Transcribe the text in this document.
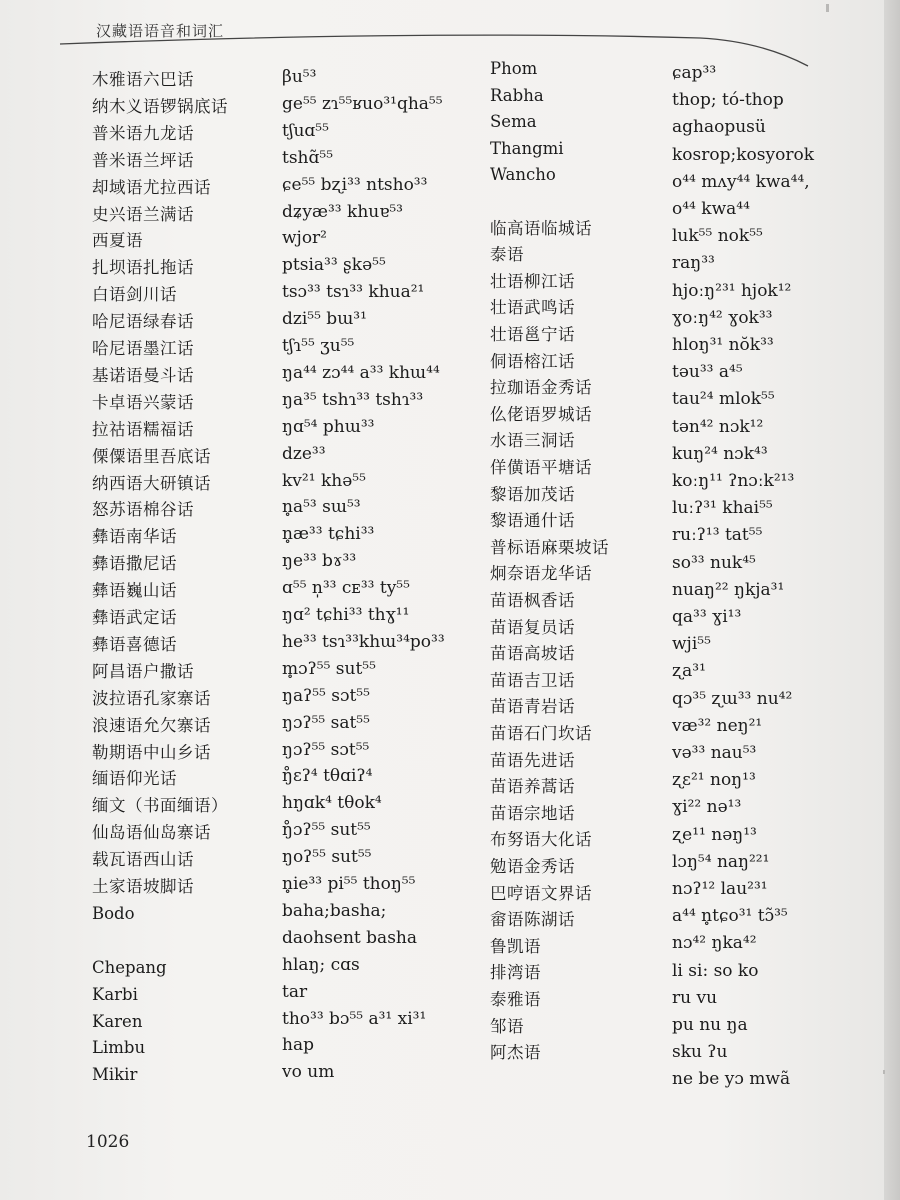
汉藏语语音和词汇
木雅语六巴话
纳木义语锣锅底话
普米语九龙话
普米语兰坪话
却域语尤拉西话
史兴语兰满话
西夏语
扎坝语扎拖话
白语剑川话
哈尼语绿春话
哈尼语墨江话
基诺语曼斗话
卡卓语兴蒙话
拉祜语糯福话
傈僳语里吾底话
纳西语大研镇话
怒苏语棉谷话
彝语南华话
彝语撒尼话
彝语巍山话
彝语武定话
彝语喜德话
阿昌语户撒话
波拉语孔家寨话
浪速语允欠寨话
勒期语中山乡话
缅语仰光话
缅文（书面缅语）
仙岛语仙岛寨话
载瓦语西山话
土家语坡脚话
Bodo
Chepang
Karbi
Karen
Limbu
Mikir
βu⁵³
ge⁵⁵ zɿ⁵⁵ʁuo³¹qha⁵⁵
tʃuɑ⁵⁵
tshɑ̃⁵⁵
ɕe⁵⁵ bʐi³³ ntsho³³
dʑyæ³³ khuɐ⁵³
wjor²
ptsia³³ ʂkə⁵⁵
tsɔ³³ tsɿ³³ khua²¹
dzi⁵⁵ bɯ³¹
tʃɿ⁵⁵ ʒu⁵⁵
ŋa⁴⁴ zɔ⁴⁴ a³³ khɯ⁴⁴
ŋa³⁵ tshɿ³³ tshɿ³³
ŋɑ⁵⁴ phɯ³³
dze³³
kv²¹ khə⁵⁵
n̥a⁵³ sɯ⁵³
n̥æ³³ tɕhi³³
ŋe³³ bɤ³³
ɑ⁵⁵ n̩³³ cᴇ³³ ty⁵⁵
ŋɑ² tɕhi³³ thɣ¹¹
he³³ tsɿ³³khɯ³⁴po³³
m̥ɔʔ⁵⁵ sut⁵⁵
ŋaʔ⁵⁵ sɔt⁵⁵
ŋɔʔ⁵⁵ sat⁵⁵
ŋɔʔ⁵⁵ sɔt⁵⁵
ŋ̊ɛʔ⁴ tθɑiʔ⁴
hŋɑk⁴ tθok⁴
ŋ̊ɔʔ⁵⁵ sut⁵⁵
ŋoʔ⁵⁵ sut⁵⁵
n̥ie³³ pi⁵⁵ thoŋ⁵⁵
baha;basha;
daohsent basha
hlaŋ; cɑs
tar
tho³³ bɔ⁵⁵ a³¹ xi³¹
hap
vo um
Phom
Rabha
Sema
Thangmi
Wancho
临高语临城话
泰语
壮语柳江话
壮语武鸣话
壮语邕宁话
侗语榕江话
拉珈语金秀话
仫佬语罗城话
水语三洞话
佯僙语平塘话
黎语加茂话
黎语通什话
普标语麻栗坡话
炯奈语龙华话
苗语枫香话
苗语复员话
苗语高坡话
苗语吉卫话
苗语青岩话
苗语石门坎话
苗语先进话
苗语养蒿话
苗语宗地话
布努语大化话
勉语金秀话
巴哼语文界话
畲语陈湖话
鲁凯语
排湾语
泰雅语
邹语
阿杰语
ɕap³³
thop; tó-thop
aghaopusü
kosrop;kosyorok
o⁴⁴ mʌy⁴⁴ kwa⁴⁴,
o⁴⁴ kwa⁴⁴
luk⁵⁵ nok⁵⁵
raŋ³³
hjoːŋ²³¹ hjok¹²
ɣoːŋ⁴² ɣok³³
hloŋ³¹ nŏk³³
təu³³ a⁴⁵
tau²⁴ mlok⁵⁵
tən⁴² nɔk¹²
kuŋ²⁴ nɔk⁴³
koːŋ¹¹ ʔnɔːk²¹³
luːʔ³¹ khai⁵⁵
ruːʔ¹³ tat⁵⁵
so³³ nuk⁴⁵
nuaŋ²² ŋkja³¹
qa³³ ɣi¹³
wji⁵⁵
ʐa³¹
qɔ³⁵ ʐɯ³³ nu⁴²
væ³² neŋ²¹
və³³ nau⁵³
ʐɛ²¹ noŋ¹³
ɣi²² nə¹³
ʐe¹¹ nəŋ¹³
lɔŋ⁵⁴ naŋ²²¹
nɔʔ¹² lau²³¹
a⁴⁴ n̥tɕo³¹ tɔ̃³⁵
nɔ⁴² ŋka⁴²
li si: so ko
ru vu
pu nu ŋa
sku ʔu
ne be yɔ mwã
1026
